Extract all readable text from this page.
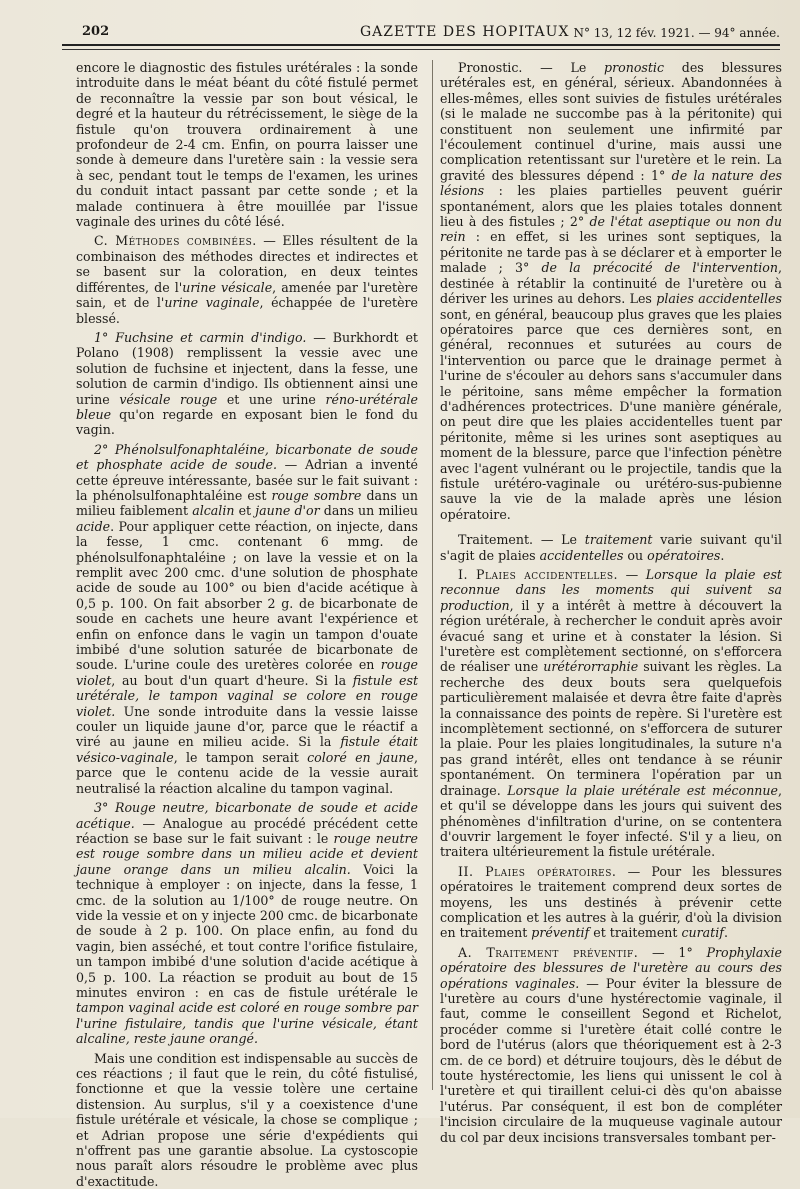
202	GAZETTE DES HOPITAUX N° 13, 12 fév. 1921. — 94° année.

encore le diagnostic des fistules urétérales : la sonde introduite dans le méat béant du côté fistulé permet de reconnaître la vessie par son bout vésical, le degré et la hauteur du rétrécissement, le siège de la fistule qu'on trouvera ordinairement à une profondeur de 2-4 cm. Enfin, on pourra laisser une sonde à demeure dans l'uretère sain : la vessie sera à sec, pendant tout le temps de l'examen, les urines du conduit intact passant par cette sonde ; et la malade continuera à être mouillée par l'issue vaginale des urines du côté lésé.

C. Méthodes combinées. — Elles résultent de la combinaison des méthodes directes et indirectes et se basent sur la coloration, en deux teintes différentes, de l'urine vésicale, amenée par l'uretère sain, et de l'urine vaginale, échappée de l'uretère blessé.

1° Fuchsine et carmin d'indigo. — Burkhordt et Polano (1908) remplissent la vessie avec une solution de fuchsine et injectent, dans la fesse, une solution de carmin d'indigo. Ils obtiennent ainsi une urine vésicale rouge et une urine réno-urétérale bleue qu'on regarde en exposant bien le fond du vagin.

2° Phénolsulfonaphtaléine, bicarbonate de soude et phosphate acide de soude. — Adrian a inventé cette épreuve intéressante, basée sur le fait suivant : la phénolsulfonaphtaléine est rouge sombre dans un milieu faiblement alcalin et jaune d'or dans un milieu acide. Pour appliquer cette réaction, on injecte, dans la fesse, 1 cmc. contenant 6 mmg. de phénolsulfonaphtaléine ; on lave la vessie et on la remplit avec 200 cmc. d'une solution de phosphate acide de soude au 100° ou bien d'acide acétique à 0,5 p. 100. On fait absorber 2 g. de bicarbonate de soude en cachets une heure avant l'expérience et enfin on enfonce dans le vagin un tampon d'ouate imbibé d'une solution saturée de bicarbonate de soude. L'urine coule des uretères colorée en rouge violet, au bout d'un quart d'heure. Si la fistule est urétérale, le tampon vaginal se colore en rouge violet. Une sonde introduite dans la vessie laisse couler un liquide jaune d'or, parce que le réactif a viré au jaune en milieu acide. Si la fistule était vésico-vaginale, le tampon serait coloré en jaune, parce que le contenu acide de la vessie aurait neutralisé la réaction alcaline du tampon vaginal.

3° Rouge neutre, bicarbonate de soude et acide acétique. — Analogue au procédé précédent cette réaction se base sur le fait suivant : le rouge neutre est rouge sombre dans un milieu acide et devient jaune orange dans un milieu alcalin. Voici la technique à employer : on injecte, dans la fesse, 1 cmc. de la solution au 1/100° de rouge neutre. On vide la vessie et on y injecte 200 cmc. de bicarbonate de soude à 2 p. 100. On place enfin, au fond du vagin, bien asséché, et tout contre l'orifice fistulaire, un tampon imbibé d'une solution d'acide acétique à 0,5 p. 100. La réaction se produit au bout de 15 minutes environ : en cas de fistule urétérale le tampon vaginal acide est coloré en rouge sombre par l'urine fistulaire, tandis que l'urine vésicale, étant alcaline, reste jaune orangé.

Mais une condition est indispensable au succès de ces réactions ; il faut que le rein, du côté fistulisé, fonctionne et que la vessie tolère une certaine distension. Au surplus, s'il y a coexistence d'une fistule urétérale et vésicale, la chose se complique ; et Adrian propose une série d'expédients qui n'offrent pas une garantie absolue. La cystoscopie nous paraît alors résoudre le problème avec plus d'exactitude.

Pronostic. — Le pronostic des blessures urétérales est, en général, sérieux. Abandonnées à elles-mêmes, elles sont suivies de fistules urétérales (si le malade ne succombe pas à la péritonite) qui constituent non seulement une infirmité par l'écoulement continuel d'urine, mais aussi une complication retentissant sur l'uretère et le rein. La gravité des blessures dépend : 1° de la nature des lésions : les plaies partielles peuvent guérir spontanément, alors que les plaies totales donnent lieu à des fistules ; 2° de l'état aseptique ou non du rein : en effet, si les urines sont septiques, la péritonite ne tarde pas à se déclarer et à emporter le malade ; 3° de la précocité de l'intervention, destinée à rétablir la continuité de l'uretère ou à dériver les urines au dehors. Les plaies accidentelles sont, en général, beaucoup plus graves que les plaies opératoires parce que ces dernières sont, en général, reconnues et suturées au cours de l'intervention ou parce que le drainage permet à l'urine de s'écouler au dehors sans s'accumuler dans le péritoine, sans même empêcher la formation d'adhérences protectrices. D'une manière générale, on peut dire que les plaies accidentelles tuent par péritonite, même si les urines sont aseptiques au moment de la blessure, parce que l'infection pénètre avec l'agent vulnérant ou le projectile, tandis que la fistule urétéro-vaginale ou urétéro-sus-pubienne sauve la vie de la malade après une lésion opératoire.

Traitement. — Le traitement varie suivant qu'il s'agit de plaies accidentelles ou opératoires.

I. Plaies accidentelles. — Lorsque la plaie est reconnue dans les moments qui suivent sa production, il y a intérêt à mettre à découvert la région urétérale, à rechercher le conduit après avoir évacué sang et urine et à constater la lésion. Si l'uretère est complètement sectionné, on s'efforcera de réaliser une urétérorraphie suivant les règles. La recherche des deux bouts sera quelquefois particulièrement malaisée et devra être faite d'après la connaissance des points de repère. Si l'uretère est incomplètement sectionné, on s'efforcera de suturer la plaie. Pour les plaies longitudinales, la suture n'a pas grand intérêt, elles ont tendance à se réunir spontanément. On terminera l'opération par un drainage. Lorsque la plaie urétérale est méconnue, et qu'il se développe dans les jours qui suivent des phénomènes d'infiltration d'urine, on se contentera d'ouvrir largement le foyer infecté. S'il y a lieu, on traitera ultérieurement la fistule urétérale.

II. Plaies opératoires. — Pour les blessures opératoires le traitement comprend deux sortes de moyens, les uns destinés à prévenir cette complication et les autres à la guérir, d'où la division en traitement préventif et traitement curatif.

A. Traitement préventif. — 1° Prophylaxie opératoire des blessures de l'uretère au cours des opérations vaginales. — Pour éviter la blessure de l'uretère au cours d'une hystérectomie vaginale, il faut, comme le conseillent Segond et Richelot, procéder comme si l'uretère était collé contre le bord de l'utérus (alors que théoriquement est à 2-3 cm. de ce bord) et détruire toujours, dès le début de toute hystérectomie, les liens qui unissent le col à l'uretère et qui tiraillent celui-ci dès qu'on abaisse l'utérus. Par conséquent, il est bon de compléter l'incision circulaire de la muqueuse vaginale autour du col par deux incisions transversales tombant per-
